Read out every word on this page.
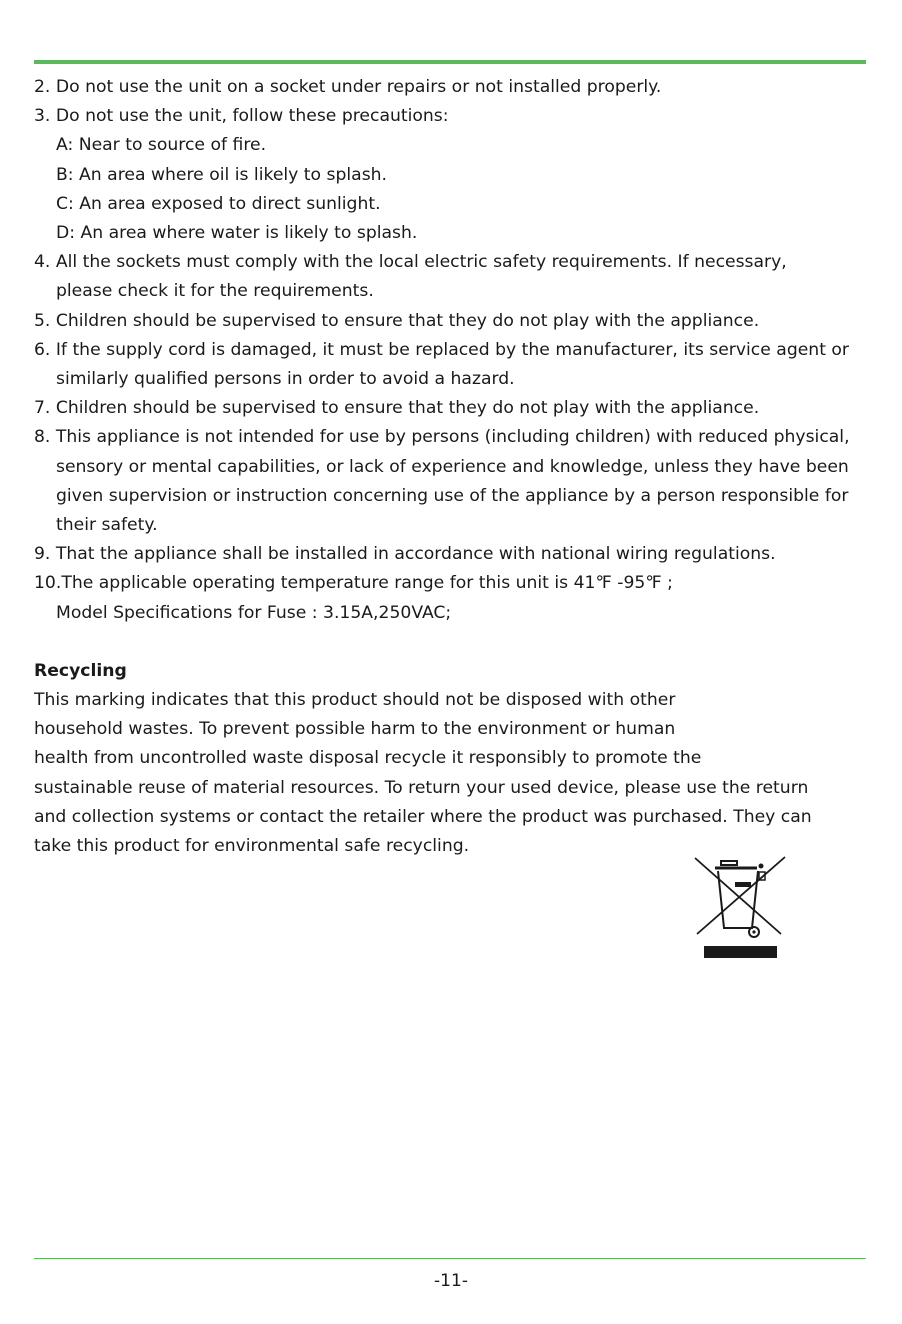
2. Do not use the unit on a socket under repairs or not installed properly.
3. Do not use the unit, follow these precautions:
A: Near to source of fire.
B: An area where oil is likely to splash.
C: An area exposed to direct sunlight.
D: An area where water is likely to splash.
4. All the sockets must comply with the local electric safety requirements. If necessary,
please check it for the requirements.
5. Children should be supervised to ensure that they do not play with the appliance.
6. If the supply cord is damaged, it must be replaced by the manufacturer, its service agent or
similarly qualified persons in order to avoid a hazard.
7. Children should be supervised to ensure that they do not play with the appliance.
8. This appliance is not intended for use by persons (including children) with reduced physical,
sensory or mental capabilities, or lack of experience and knowledge, unless they have been
given supervision or instruction concerning use of the appliance by a person responsible for
their safety.
9. That the appliance shall be installed in accordance with national wiring regulations.
10.The applicable operating temperature range for this unit is 41℉ -95℉ ;
Model Specifications for Fuse : 3.15A,250VAC;
Recycling
This marking indicates that this product should not be disposed with other
household wastes. To prevent possible harm to the environment or human
health from uncontrolled waste disposal recycle it responsibly to promote the
sustainable reuse of material resources. To return your used device, please use the return
and collection systems or contact the retailer where the product was purchased. They can
take this product for environmental safe recycling.
-11-
